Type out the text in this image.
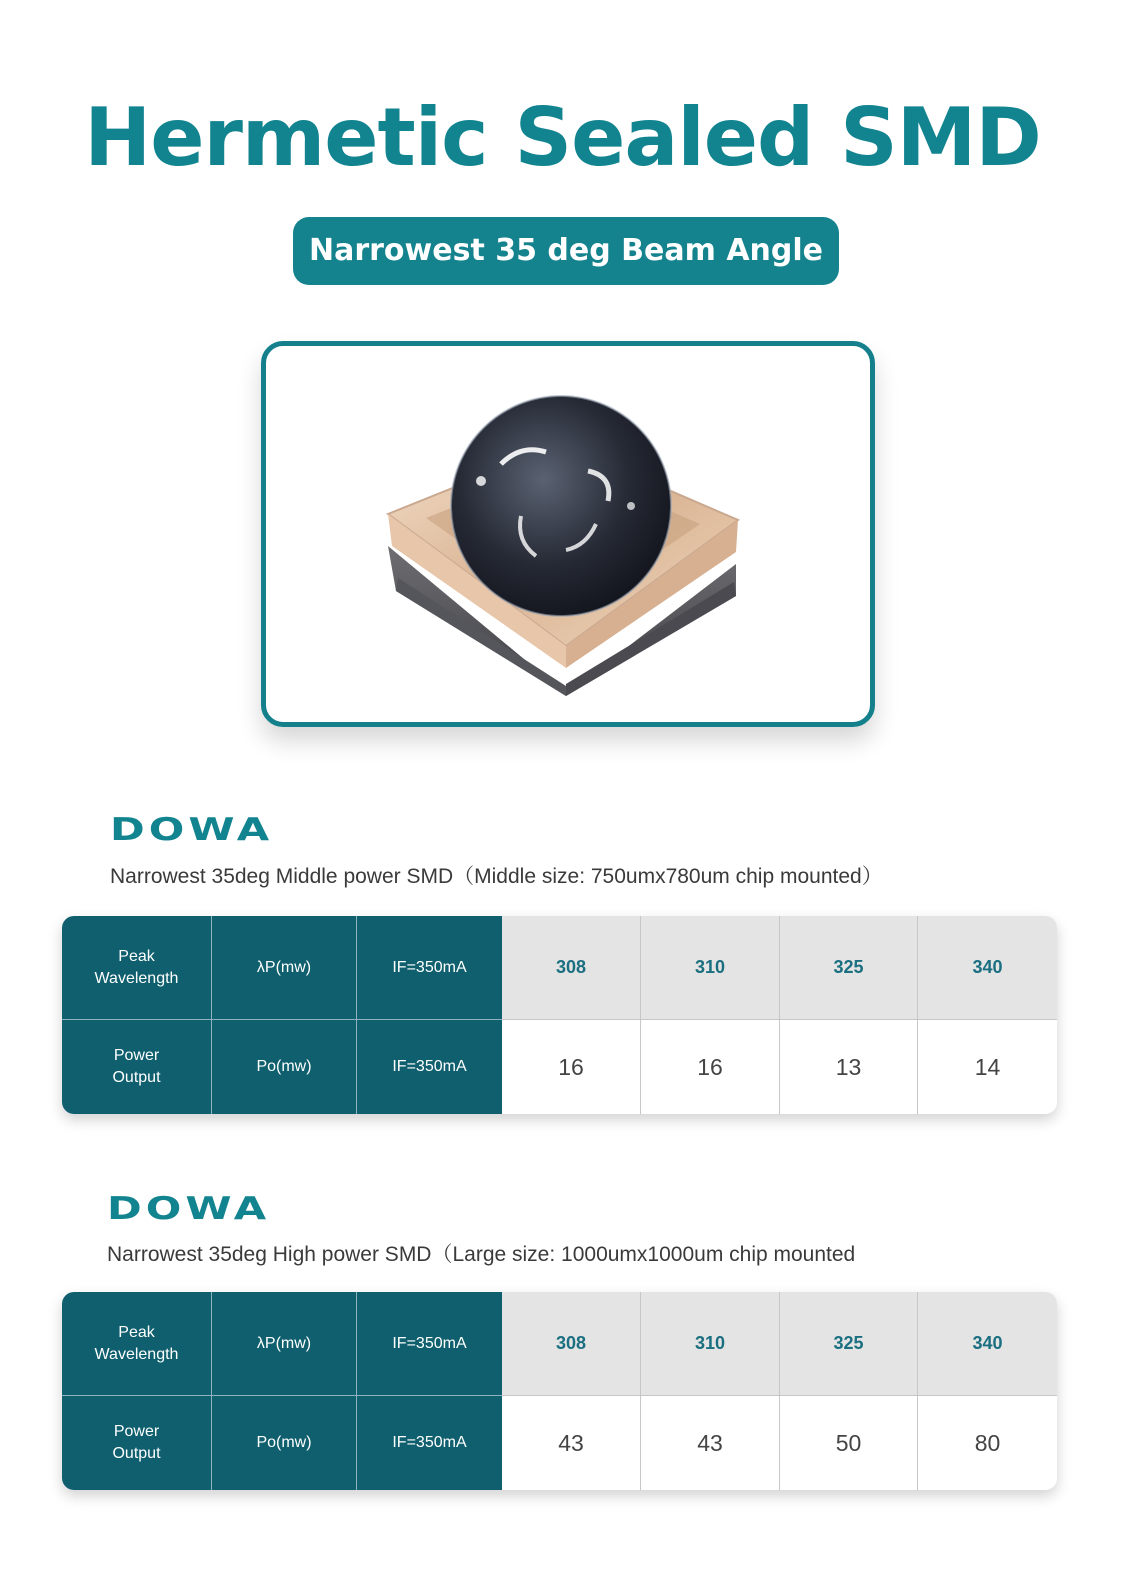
Hermetic Sealed SMD
Narrowest 35 deg Beam Angle
DOWA
Narrowest 35deg Middle power SMD（Middle size: 750umx780um chip mounted）
Peak
Wavelength
λP(mw)	IF=350mA	308	310	325	340
Power
Output
Po(mw)	IF=350mA	16	16	13	14
DOWA
Narrowest 35deg High power SMD（Large size: 1000umx1000um chip mounted
Peak
Wavelength
λP(mw)	IF=350mA	308	310	325	340
Power
Output
Po(mw)	IF=350mA	43	43	50	80
